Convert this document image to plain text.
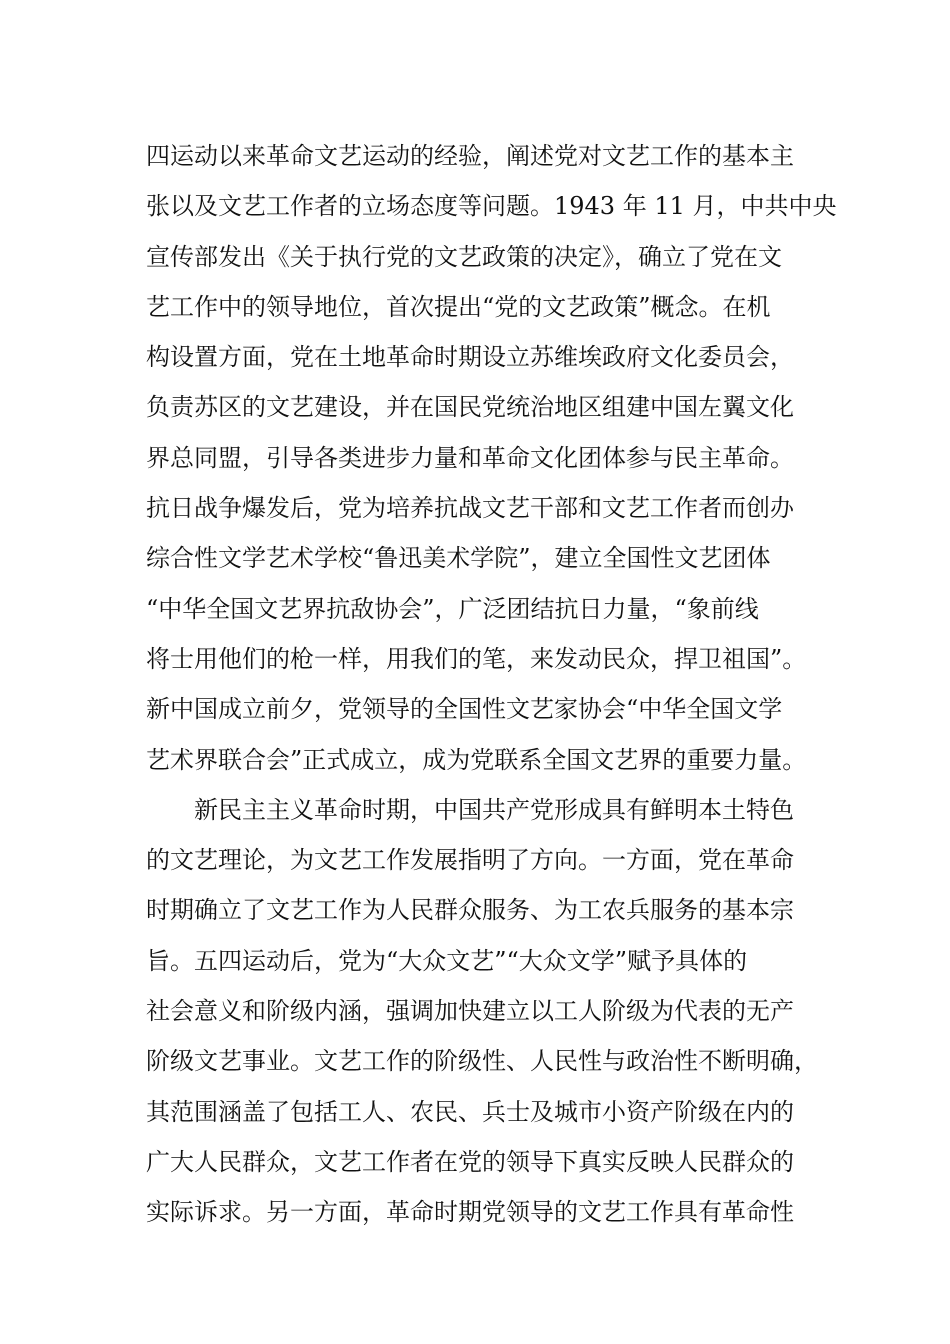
四运动以来革命文艺运动的经验，阐述党对文艺工作的基本主
张以及文艺工作者的立场态度等问题。1943 年 11 月，中共中央
宣传部发出《关于执行党的文艺政策的决定》，确立了党在文
艺工作中的领导地位，首次提出“党的文艺政策”概念。在机
构设置方面，党在土地革命时期设立苏维埃政府文化委员会，
负责苏区的文艺建设，并在国民党统治地区组建中国左翼文化
界总同盟，引导各类进步力量和革命文化团体参与民主革命。
抗日战争爆发后，党为培养抗战文艺干部和文艺工作者而创办
综合性文学艺术学校“鲁迅美术学院”，建立全国性文艺团体
“中华全国文艺界抗敌协会”，广泛团结抗日力量，“象前线
将士用他们的枪一样，用我们的笔，来发动民众，捍卫祖国”。
新中国成立前夕，党领导的全国性文艺家协会“中华全国文学
艺术界联合会”正式成立，成为党联系全国文艺界的重要力量。
　　新民主主义革命时期，中国共产党形成具有鲜明本土特色
的文艺理论，为文艺工作发展指明了方向。一方面，党在革命
时期确立了文艺工作为人民群众服务、为工农兵服务的基本宗
旨。五四运动后，党为“大众文艺”“大众文学”赋予具体的
社会意义和阶级内涵，强调加快建立以工人阶级为代表的无产
阶级文艺事业。文艺工作的阶级性、人民性与政治性不断明确，
其范围涵盖了包括工人、农民、兵士及城市小资产阶级在内的
广大人民群众，文艺工作者在党的领导下真实反映人民群众的
实际诉求。另一方面，革命时期党领导的文艺工作具有革命性
